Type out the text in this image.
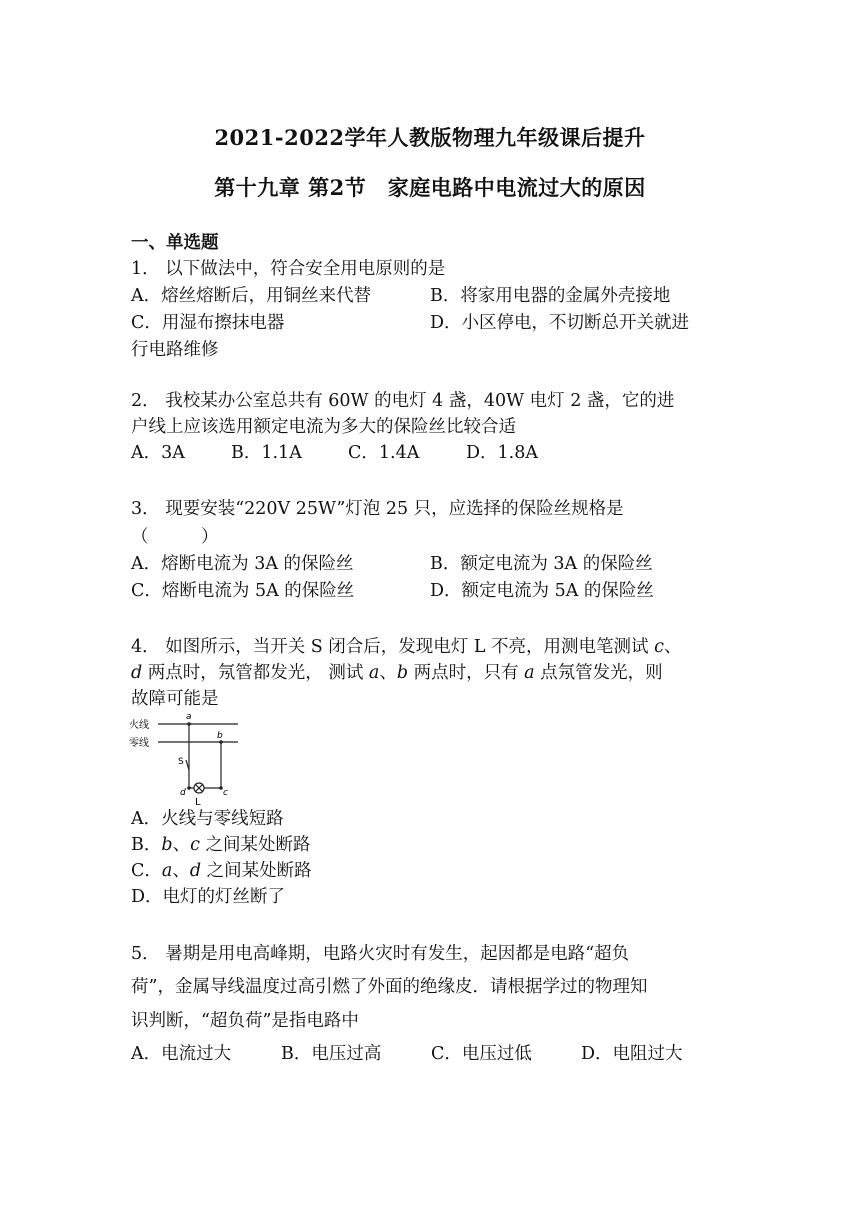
2021-2022学年人教版物理九年级课后提升
第十九章 第2节　家庭电路中电流过大的原因
一、单选题
1． 以下做法中，符合安全用电原则的是
A．熔丝熔断后，用铜丝来代替	B．将家用电器的金属外壳接地
C．用湿布擦抹电器	D．小区停电，不切断总开关就进
行电路维修
2． 我校某办公室总共有 60W 的电灯 4 盏，40W 电灯 2 盏，它的进
户线上应该选用额定电流为多大的保险丝比较合适
A．3A	B．1.1A	C．1.4A	D．1.8A
3． 现要安装“220V 25W”灯泡 25 只，应选择的保险丝规格是
（　　　）
A．熔断电流为 3A 的保险丝	B．额定电流为 3A 的保险丝
C．熔断电流为 5A 的保险丝	D．额定电流为 5A 的保险丝
4． 如图所示，当开关 S 闭合后，发现电灯 L 不亮，用测电笔测试 c、
d 两点时，氖管都发光， 测试 a、b 两点时，只有 a 点氖管发光，则
故障可能是
火线
零线
a
b
c
d
S
L
A．火线与零线短路
B．b、c 之间某处断路
C．a、d 之间某处断路
D．电灯的灯丝断了
5． 暑期是用电高峰期，电路火灾时有发生，起因都是电路“超负
荷”，金属导线温度过高引燃了外面的绝缘皮．请根据学过的物理知
识判断，“超负荷”是指电路中
A．电流过大	B．电压过高	C．电压过低	D．电阻过大
